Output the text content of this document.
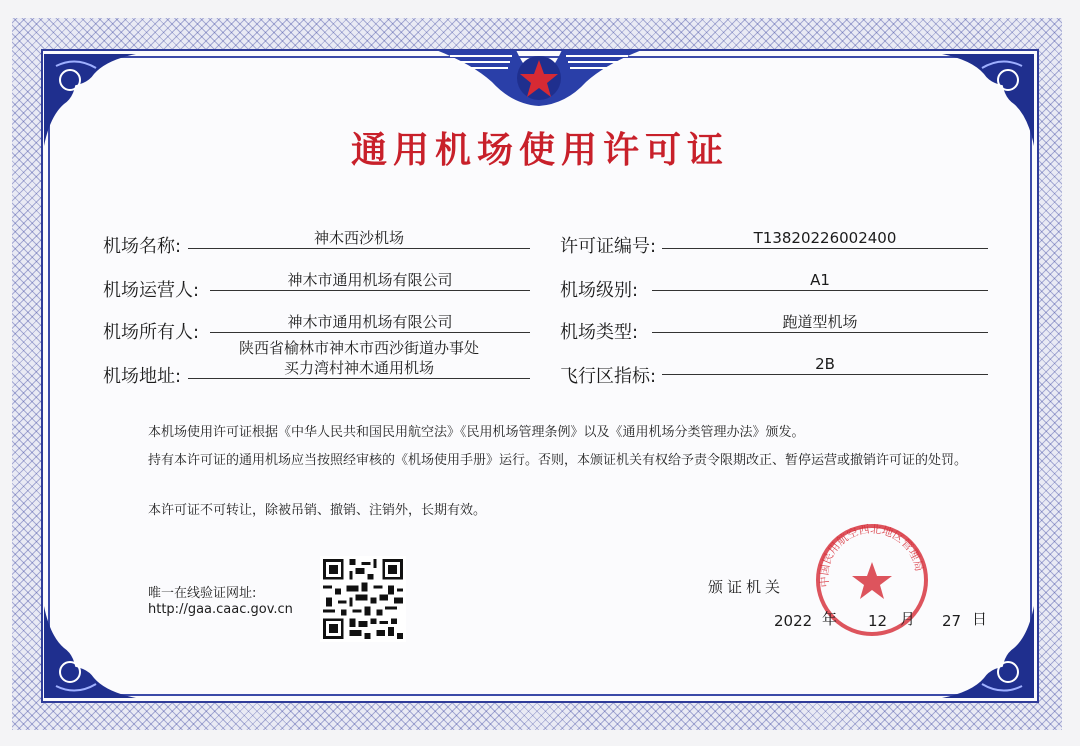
通用机场使用许可证
机场名称:	神木西沙机场
机场运营人:	神木市通用机场有限公司
机场所有人:	神木市通用机场有限公司
机场地址:
陕西省榆林市神木市西沙街道办事处
买力湾村神木通用机场
许可证编号:	T13820226002400
机场级别:	A1
机场类型:	跑道型机场
飞行区指标:
2B
本机场使用许可证根据《中华人民共和国民用航空法》《民用机场管理条例》以及《通用机场分类管理办法》颁发。
持有本许可证的通用机场应当按照经审核的《机场使用手册》运行。否则，本颁证机关有权给予责令限期改正、暂停运营或撤销许可证的处罚。
本许可证不可转让，除被吊销、撤销、注销外，长期有效。
唯一在线验证网址:
http://gaa.caac.gov.cn
颁证机关	中国民用航空西北地区管理局
2022 年 12 月 27 日
